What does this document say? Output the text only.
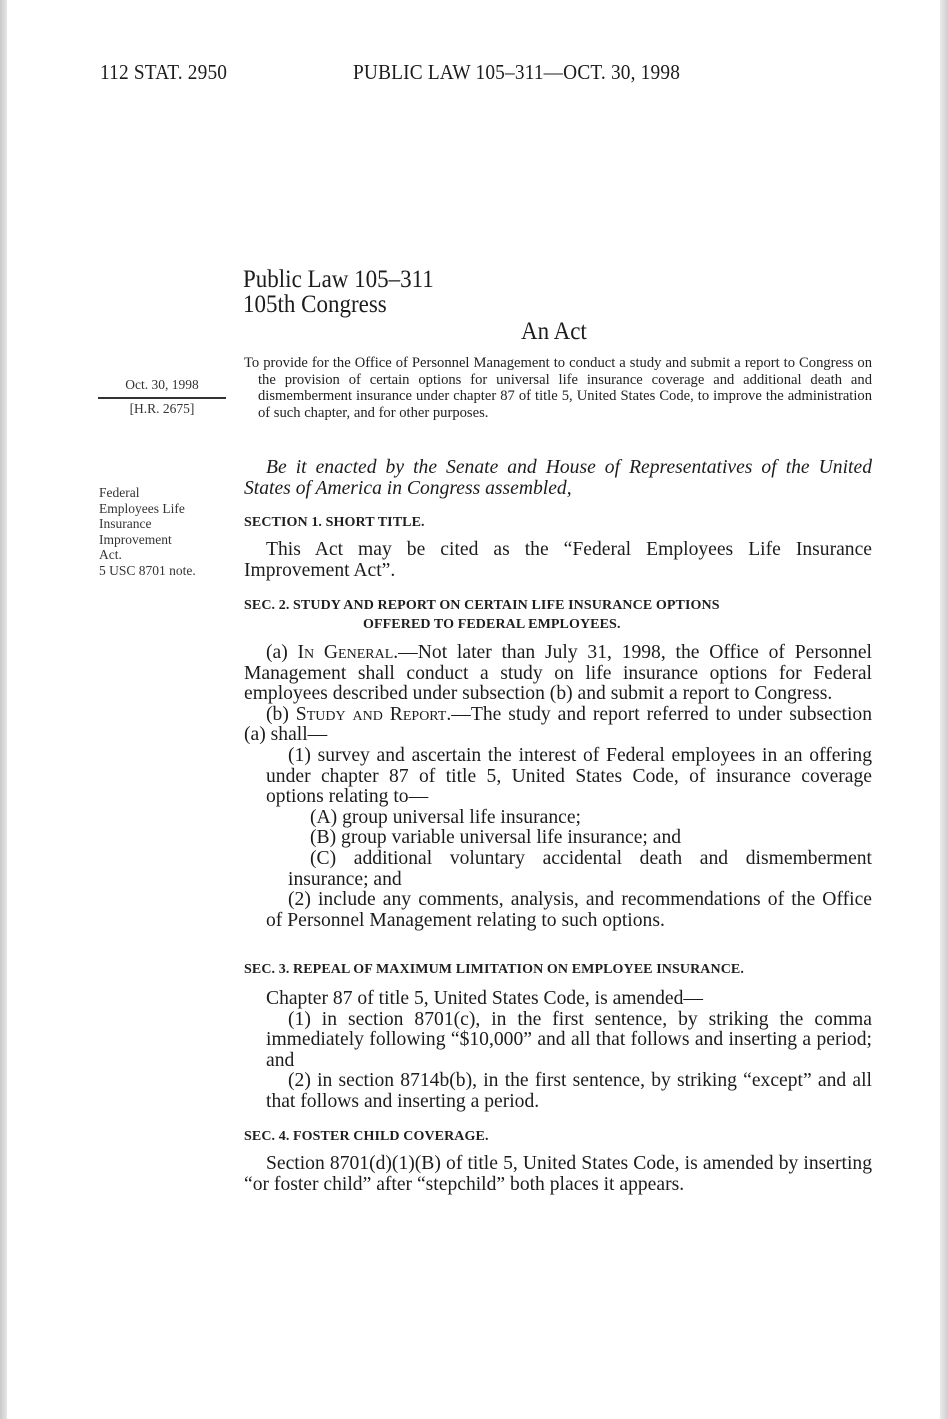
112 STAT. 2950	PUBLIC LAW 105–311—OCT. 30, 1998
Public Law 105–311
105th Congress
An Act

To provide for the Office of Personnel Management to conduct a study and submit a report to Congress on the provision of certain options for universal life insurance coverage and additional death and dismemberment insurance under chapter 87 of title 5, United States Code, to improve the administration of such chapter, and for other purposes.

Oct. 30, 1998
[H.R. 2675]
Federal
Employees Life
Insurance
Improvement
Act.
5 USC 8701 note.

Be it enacted by the Senate and House of Representatives of the United States of America in Congress assembled,

SECTION 1. SHORT TITLE.

This Act may be cited as the “Federal Employees Life Insurance Improvement Act”.

SEC. 2. STUDY AND REPORT ON CERTAIN LIFE INSURANCE OPTIONS
OFFERED TO FEDERAL EMPLOYEES.

(a) In General.—Not later than July 31, 1998, the Office of Personnel Management shall conduct a study on life insurance options for Federal employees described under subsection (b) and submit a report to Congress.

(b) Study and Report.—The study and report referred to under subsection (a) shall—

(1) survey and ascertain the interest of Federal employees in an offering under chapter 87 of title 5, United States Code, of insurance coverage options relating to—

(A) group universal life insurance;

(B) group variable universal life insurance; and

(C) additional voluntary accidental death and dismemberment insurance; and

(2) include any comments, analysis, and recommendations of the Office of Personnel Management relating to such options.

SEC. 3. REPEAL OF MAXIMUM LIMITATION ON EMPLOYEE INSURANCE.

Chapter 87 of title 5, United States Code, is amended—

(1) in section 8701(c), in the first sentence, by striking the comma immediately following “$10,000” and all that follows and inserting a period; and

(2) in section 8714b(b), in the first sentence, by striking “except” and all that follows and inserting a period.

SEC. 4. FOSTER CHILD COVERAGE.

Section 8701(d)(1)(B) of title 5, United States Code, is amended by inserting “or foster child” after “stepchild” both places it appears.
